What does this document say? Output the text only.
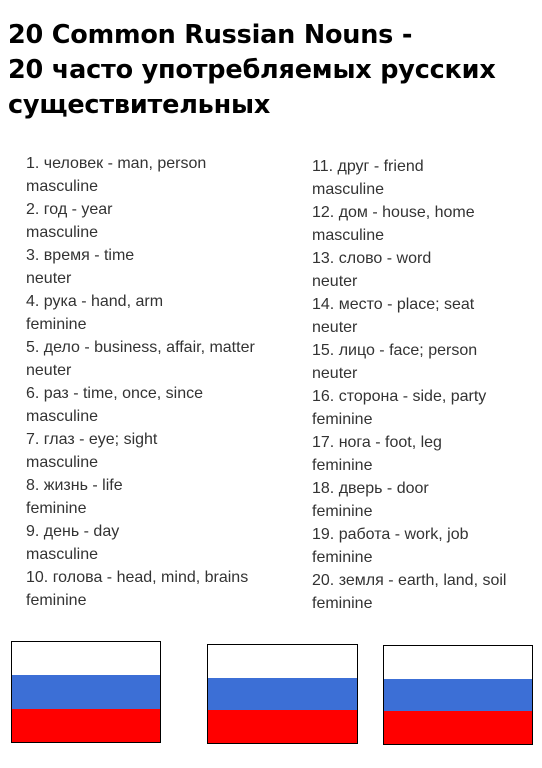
20 Common Russian Nouns -
20 часто употребляемых русских
существительных
1. человек - man, person
masculine
2. год - year
masculine
3. время - time
neuter
4. рука - hand, arm
feminine
5. дело - business, affair, matter
neuter
6. раз - time, once, since
masculine
7. глаз - eye; sight
masculine
8. жизнь - life
feminine
9. день - day
masculine
10. голова - head, mind, brains
feminine
11. друг - friend
masculine
12. дом - house, home
masculine
13. слово - word
neuter
14. место - place; seat
neuter
15. лицо - face; person
neuter
16. сторона - side, party
feminine
17. нога - foot, leg
feminine
18. дверь - door
feminine
19. работа - work, job
feminine
20. земля - earth, land, soil
feminine
